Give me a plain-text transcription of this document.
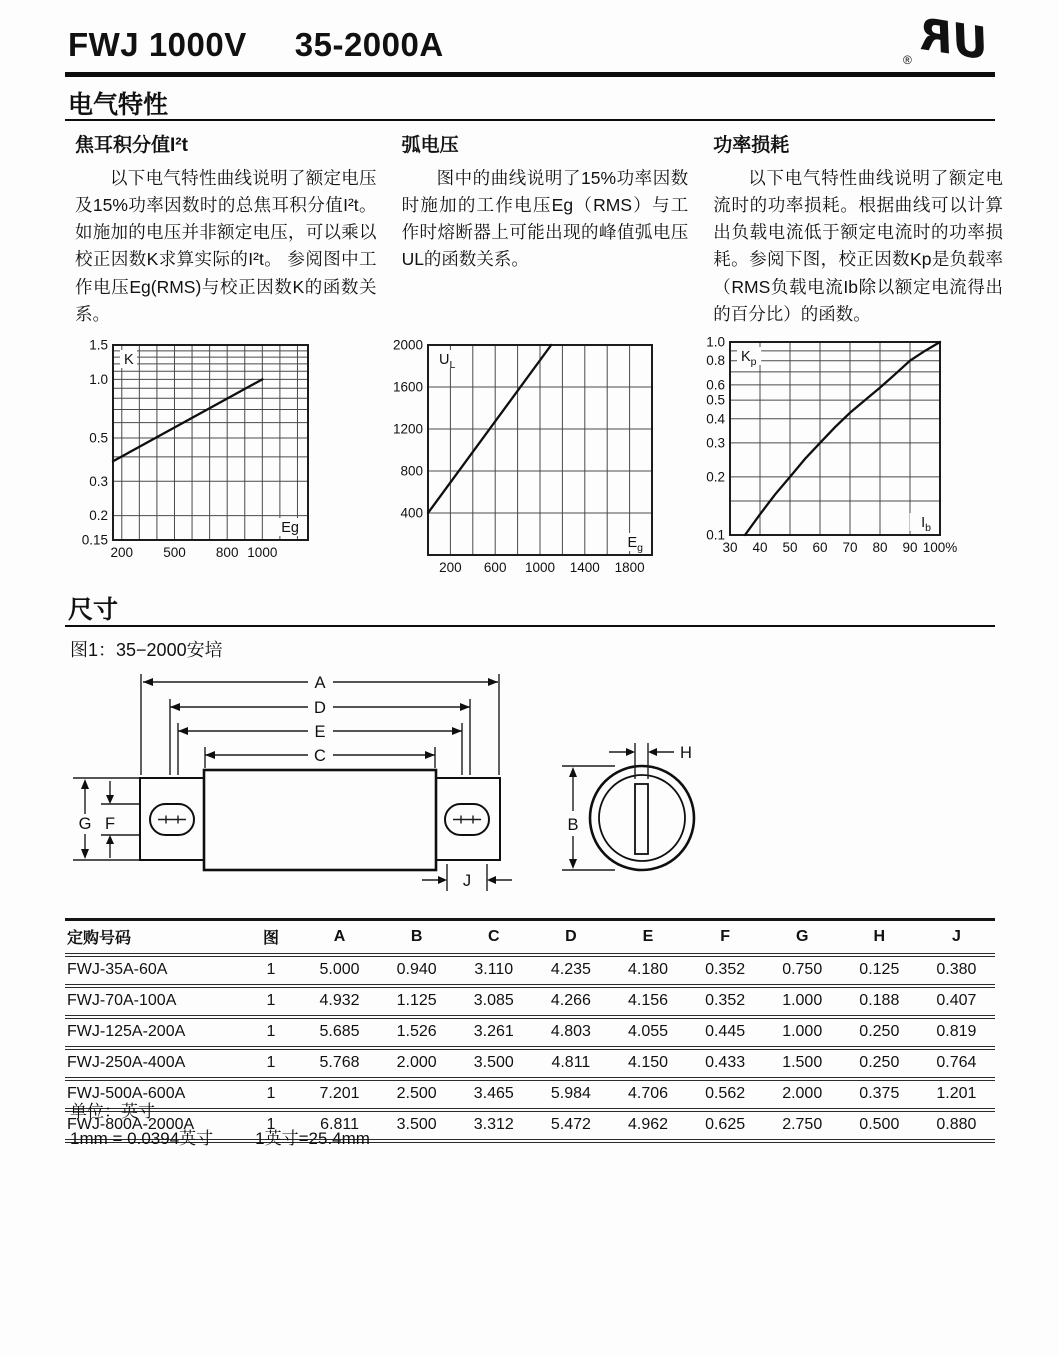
FWJ 1000V 35-2000A	UR
®
电气特性
焦耳积分值I²t

以下电气特性曲线说明了额定电压及15%功率因数时的总焦耳积分值I²t。如施加的电压并非额定电压，可以乘以校正因数K求算实际的I²t。 参阅图中工作电压Eg(RMS)与校正因数K的函数关系。

弧电压

图中的曲线说明了15%功率因数时施加的工作电压Eg（RMS）与工作时熔断器上可能出现的峰值弧电压UL的函数关系。

功率损耗

以下电气特性曲线说明了额定电流时的功率损耗。根据曲线可以计算出负载电流低于额定电流时的功率损耗。参阅下图，校正因数Kp是负载率（RMS负载电流Ib除以额定电流得出的百分比）的函数。

200 500 800 1000
1.5
1.0
0.5
0.3
0.2
0.15
K
Eg
200 600 1000 1400 1800
2000
1600
1200
800
400
$U_L$
$E_g$	30 40 50 60 70 80 90 100%
1.0
0.8
0.6
0.5
0.4
0.3
0.2
0.1
$K_p$
$I_b$
尺寸
图1：35−2000安培
A
D
E
C
G F
J
B
H
定购号码	图	A	B	C	D	E	F	G	H	J
FWJ-35A-60A	1	5.000	0.940	3.110	4.235	4.180	0.352	0.750	0.125	0.380
FWJ-70A-100A	1	4.932	1.125	3.085	4.266	4.156	0.352	1.000	0.188	0.407
FWJ-125A-200A	1	5.685	1.526	3.261	4.803	4.055	0.445	1.000	0.250	0.819
FWJ-250A-400A	1	5.768	2.000	3.500	4.811	4.150	0.433	1.500	0.250	0.764
FWJ-500A-600A	1	7.201	2.500	3.465	5.984	4.706	0.562	2.000	0.375	1.201
FWJ-800A-2000A	1	6.811	3.500	3.312	5.472	4.962	0.625	2.750	0.500	0.880
单位：英寸
1mm = 0.0394英寸 1英寸=25.4mm
